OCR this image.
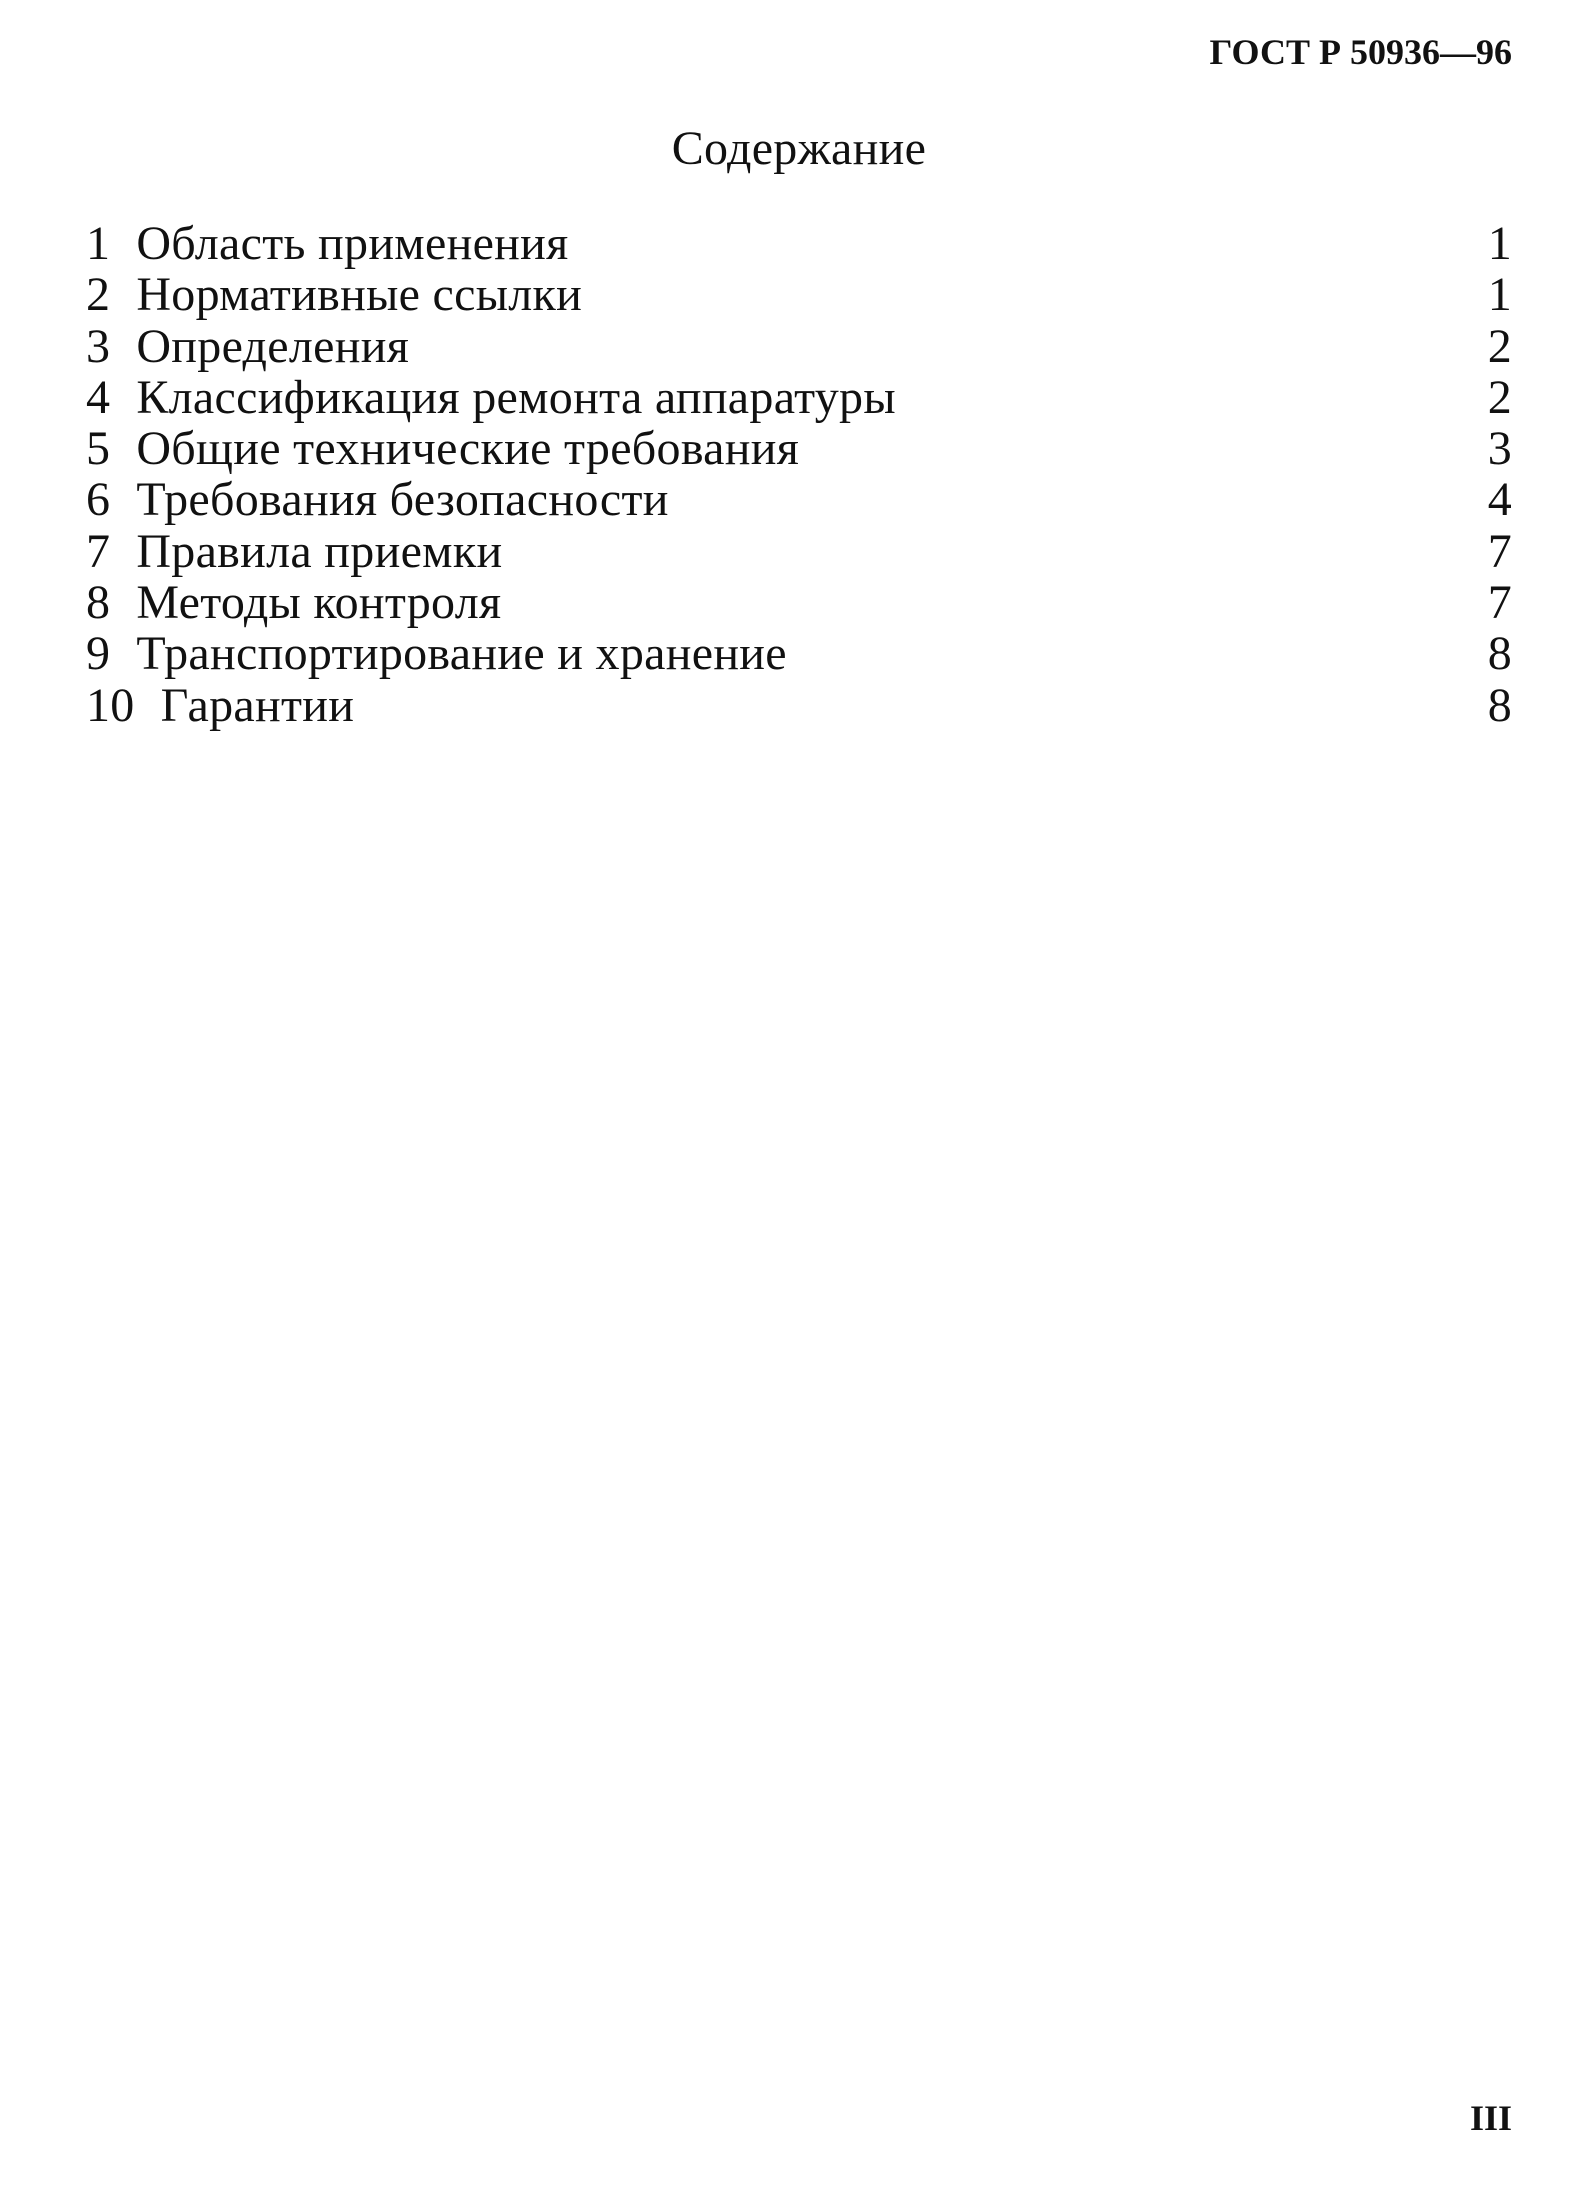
ГОСТ Р 50936—96
Содержание
1 Область применения	1
2 Нормативные ссылки	1
3 Определения	2
4 Классификация ремонта аппаратуры	2
5 Общие технические требования	3
6 Требования безопасности	4
7 Правила приемки	7
8 Методы контроля	7
9 Транспортирование и хранение	8
10 Гарантии	8
III
